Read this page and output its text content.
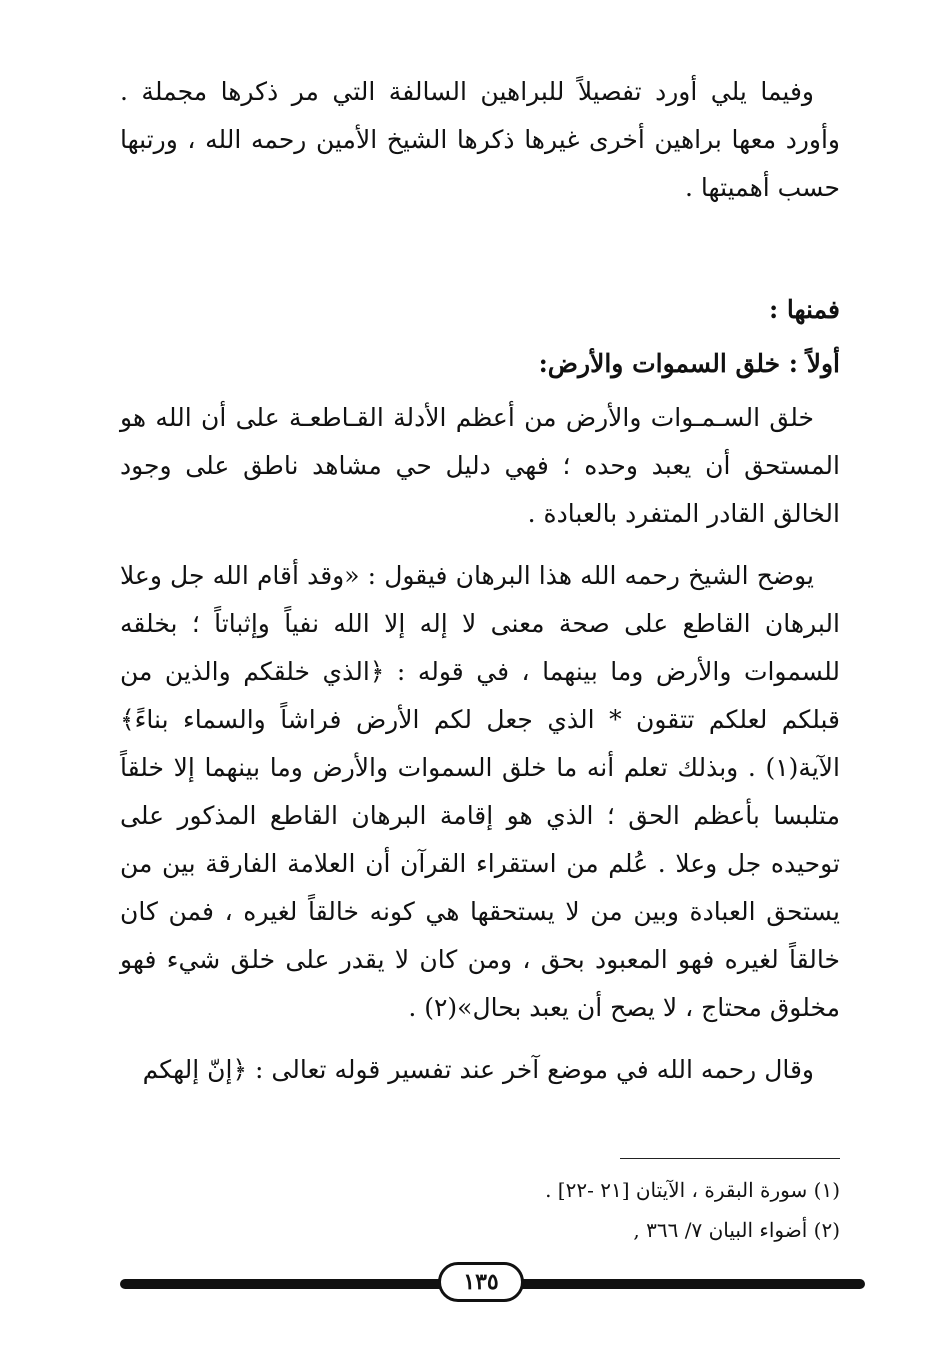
وفيما يلي أورد تفصيلاً للبراهين السالفة التي مر ذكرها مجملة . وأورد معها براهين أخرى غيرها ذكرها الشيخ الأمين رحمه الله ، ورتبها حسب أهميتها .

فمنها :

أولاً : خلق السموات والأرض:

خلق السـمـوات والأرض من أعظم الأدلة القـاطعـة على أن الله هو المستحق أن يعبد وحده ؛ فهي دليل حي مشاهد ناطق على وجود الخالق القادر المتفرد بالعبادة .

يوضح الشيخ رحمه الله هذا البرهان فيقول : «وقد أقام الله جل وعلا البرهان القاطع على صحة معنى لا إله إلا الله نفياً وإثباتاً ؛ بخلقه للسموات والأرض وما بينهما ، في قوله : ﴿الذي خلقكم والذين من قبلكم لعلكم تتقون * الذي جعل لكم الأرض فراشاً والسماء بناءً﴾ الآية(١) . وبذلك تعلم أنه ما خلق السموات والأرض وما بينهما إلا خلقاً متلبسا بأعظم الحق ؛ الذي هو إقامة البرهان القاطع المذكور على توحيده جل وعلا . عُلم من استقراء القرآن أن العلامة الفارقة بين من يستحق العبادة وبين من لا يستحقها هي كونه خالقاً لغيره ، فمن كان خالقاً لغيره فهو المعبود بحق ، ومن كان لا يقدر على خلق شيء فهو مخلوق محتاج ، لا يصح أن يعبد بحال»(٢) .

وقال رحمه الله في موضع آخر عند تفسير قوله تعالى : ﴿إنّ إلهكم

(١) سورة البقرة ، الآيتان [٢١ -٢٢] .

(٢) أضواء البيان ٧/ ٣٦٦ ,

١٣٥
